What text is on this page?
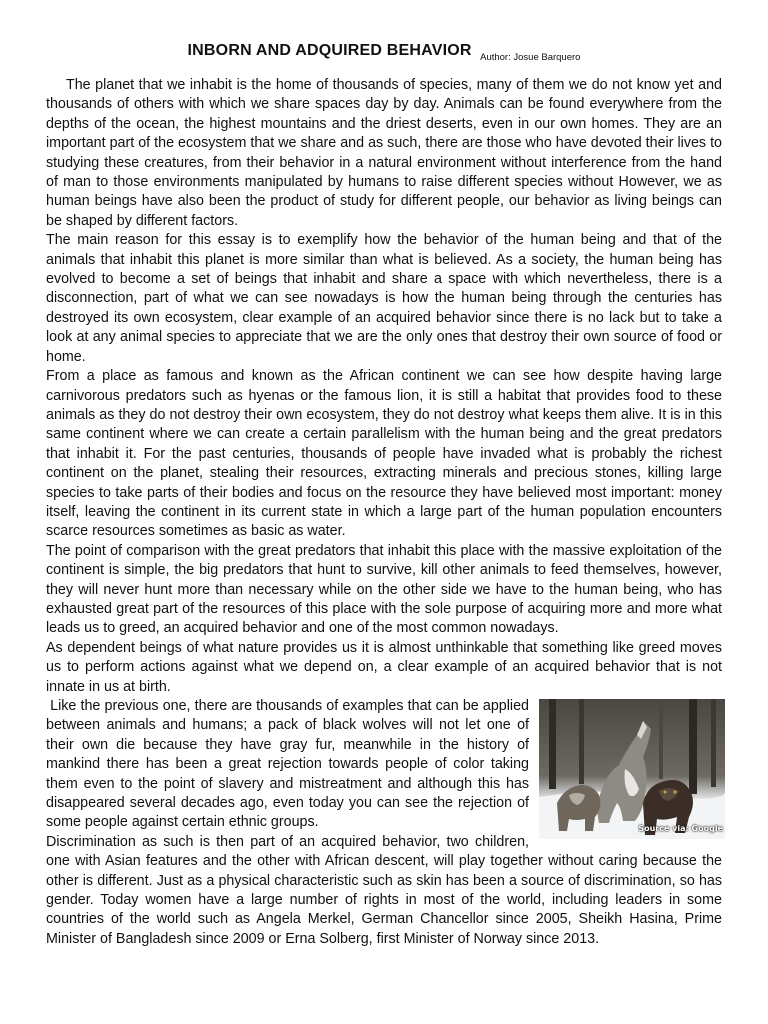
INBORN AND ADQUIRED BEHAVIOR $_{Author: Josue Barquero}$

The planet that we inhabit is the home of thousands of species, many of them we do not know yet and thousands of others with which we share spaces day by day. Animals can be found everywhere from the depths of the ocean, the highest mountains and the driest deserts, even in our own homes. They are an important part of the ecosystem that we share and as such, there are those who have devoted their lives to studying these creatures, from their behavior in a natural environment without interference from the hand of man to those environments manipulated by humans to raise different species without However, we as human beings have also been the product of study for different people, our behavior as living beings can be shaped by different factors.

The main reason for this essay is to exemplify how the behavior of the human being and that of the animals that inhabit this planet is more similar than what is believed. As a society, the human being has evolved to become a set of beings that inhabit and share a space with which nevertheless, there is a disconnection, part of what we can see nowadays is how the human being through the centuries has destroyed its own ecosystem, clear example of an acquired behavior since there is no lack but to take a look at any animal species to appreciate that we are the only ones that destroy their own source of food or home.

From a place as famous and known as the African continent we can see how despite having large carnivorous predators such as hyenas or the famous lion, it is still a habitat that provides food to these animals as they do not destroy their own ecosystem, they do not destroy what keeps them alive. It is in this same continent where we can create a certain parallelism with the human being and the great predators that inhabit it. For the past centuries, thousands of people have invaded what is probably the richest continent on the planet, stealing their resources, extracting minerals and precious stones, killing large species to take parts of their bodies and focus on the resource they have believed most important: money itself, leaving the continent in its current state in which a large part of the human population encounters scarce resources sometimes as basic as water.

The point of comparison with the great predators that inhabit this place with the massive exploitation of the continent is simple, the big predators that hunt to survive, kill other animals to feed themselves, however, they will never hunt more than necessary while on the other side we have to the human being, who has exhausted great part of the resources of this place with the sole purpose of acquiring more and more what leads us to greed, an acquired behavior and one of the most common nowadays.

As dependent beings of what nature provides us it is almost unthinkable that something like greed moves us to perform actions against what we depend on, a clear example of an acquired behavior that is not innate in us at birth.

Source via: Google

Like the previous one, there are thousands of examples that can be applied between animals and humans; a pack of black wolves will not let one of their own die because they have gray fur, meanwhile in the history of mankind there has been a great rejection towards people of color taking them even to the point of slavery and mistreatment and although this has disappeared several decades ago, even today you can see the rejection of some people against certain ethnic groups.

Discrimination as such is then part of an acquired behavior, two children, one with Asian features and the other with African descent, will play together without caring because the other is different. Just as a physical characteristic such as skin has been a source of discrimination, so has gender. Today women have a large number of rights in most of the world, including leaders in some countries of the world such as Angela Merkel, German Chancellor since 2005, Sheikh Hasina, Prime Minister of Bangladesh since 2009 or Erna Solberg, first Minister of Norway since 2013.
